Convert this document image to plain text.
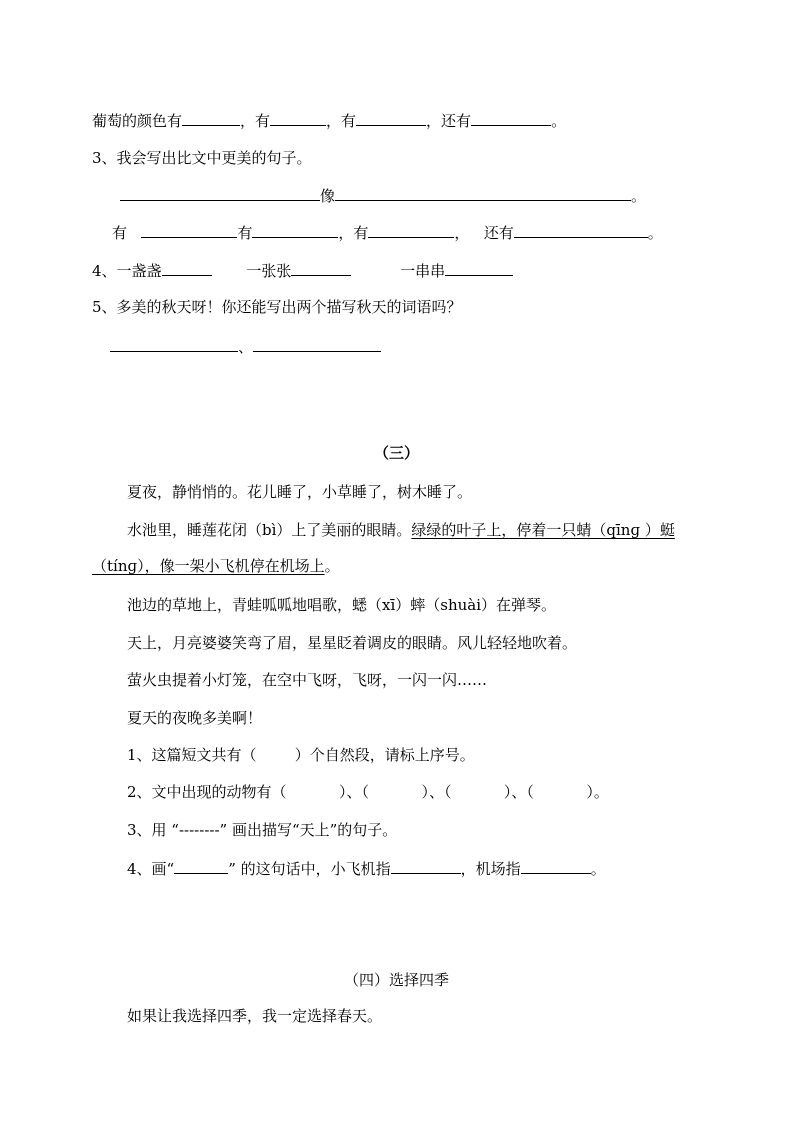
葡萄的颜色有	，有	，有	，还有	。
3、我会写出比文中更美的句子。
像	。
有	有	，有	， 还有	。
4、一盏盏	一张张	一串串
5、多美的秋天呀！你还能写出两个描写秋天的词语吗？
、
（三）
夏夜，静悄悄的。花儿睡了，小草睡了，树木睡了。
水池里，睡莲花闭（bì）上了美丽的眼睛。绿绿的叶子上，停着一只蜻（qīnɡ ）蜓
（tínɡ），像一架小飞机停在机场上。
池边的草地上，青蛙呱呱地唱歌，蟋（xī）蟀（shuài）在弹琴。
天上，月亮婆婆笑弯了眉，星星眨着调皮的眼睛。风儿轻轻地吹着。
萤火虫提着小灯笼，在空中飞呀，飞呀，一闪一闪……
夏天的夜晚多美啊！
1、这篇短文共有（        ）个自然段，请标上序号。
2、文中出现的动物有（           ）、（           ）、（           ）、（           ）。
3、用 “--------” 画出描写“天上”的句子。
4、画“	” 的这句话中，小飞机指	，机场指	。
（四）选择四季
如果让我选择四季，我一定选择春天。
